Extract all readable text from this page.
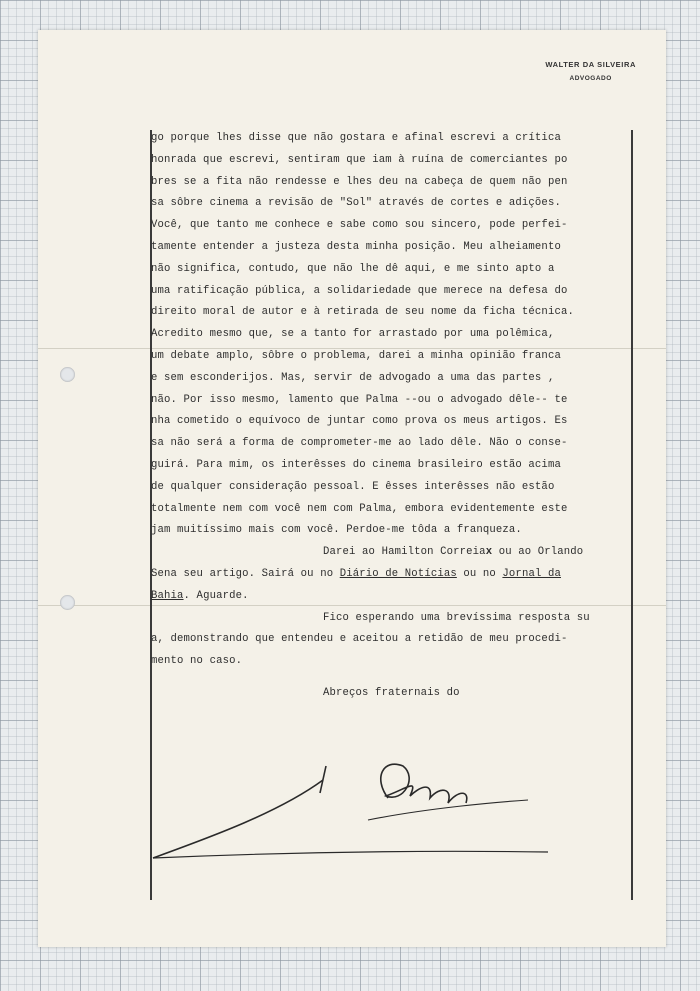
WALTER DA SILVEIRA
ADVOGADO
go porque lhes disse que não gostara e afinal escrevi a crítica
honrada que escrevi, sentiram que iam à ruína de comerciantes po
bres se a fita não rendesse e lhes deu na cabeça de quem não pen
sa sôbre cinema a revisão de "Sol" através de cortes e adições.
Você, que tanto me conhece e sabe como sou sincero, pode perfei-
tamente entender a justeza desta minha posição. Meu alheiamento
não significa, contudo, que não lhe dê aqui, e me sinto apto a
uma ratificação pública, a solidariedade que merece na defesa do
direito moral de autor e à retirada de seu nome da ficha técnica.
Acredito mesmo que, se a tanto for arrastado por uma polêmica,
um debate amplo, sôbre o problema, darei a minha opinião franca
e sem esconderijos. Mas, servir de advogado a uma das partes ,
não. Por isso mesmo, lamento que Palma --ou o advogado dêle-- te
nha cometido o equívoco de juntar como prova os meus artigos. Es
sa não será a forma de comprometer-me ao lado dêle. Não o conse-
guirá. Para mim, os interêsses do cinema brasileiro estão acima
de qualquer consideração pessoal. E êsses interêsses não estão
totalmente nem com você nem com Palma, embora evidentemente este
jam muitíssimo mais com você. Perdoe-me tôda a franqueza.
Darei ao Hamilton Correiax ou ao Orlando
Sena seu artigo. Sairá ou no Diário de Notícias ou no Jornal da
Bahia. Aguarde.
Fico esperando uma brevíssima resposta su
a, demonstrando que entendeu e aceitou a retidão de meu procedi-
mento no caso.
Abreços fraternais do
